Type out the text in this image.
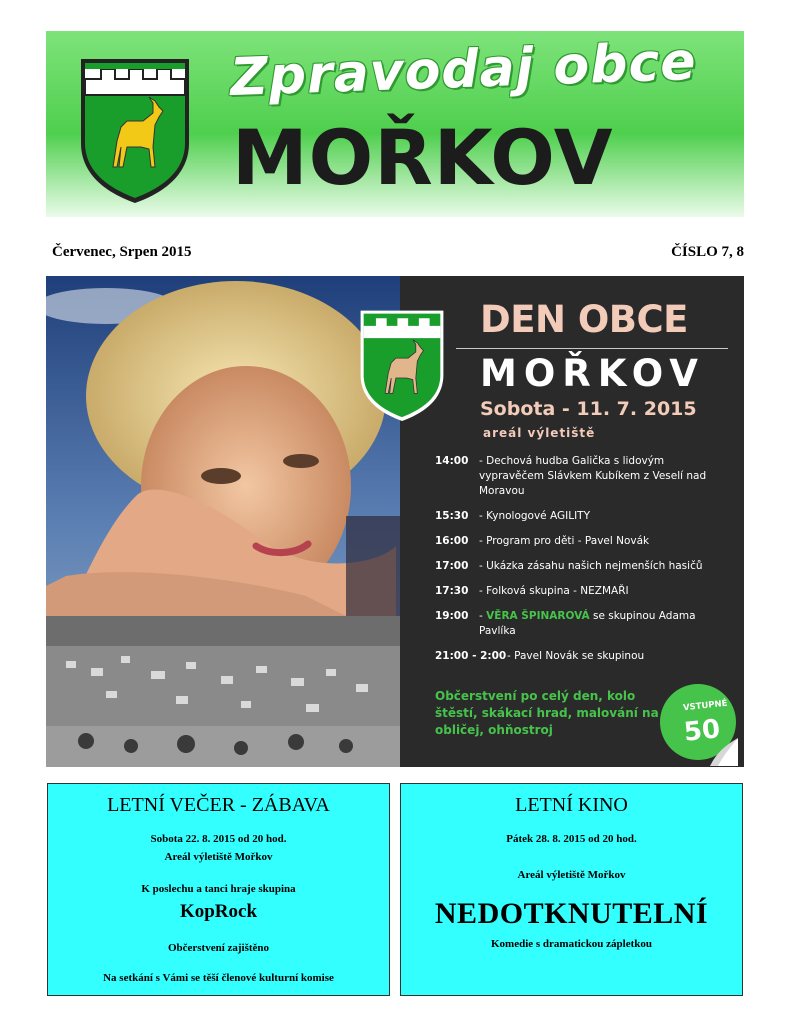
Zpravodaj obce
MOŘKOV
Červenec, Srpen 2015	ČÍSLO 7, 8
DEN OBCE
MOŘKOV
Sobota - 11. 7. 2015
areál výletiště
14:00 - Dechová hudba Galička s lidovým vypravěčem Slávkem Kubíkem z Veselí nad Moravou
15:30 - Kynologové AGILITY
16:00 - Program pro děti - Pavel Novák
17:00 - Ukázka zásahu našich nejmenších hasičů
17:30 - Folková skupina - NEZMAŘI
19:00 - VĚRA ŠPINAROVÁ se skupinou Adama Pavlíka
21:00 - 2:00 - Pavel Novák se skupinou
Občerstvení po celý den, kolo štěstí, skákací hrad, malování na obličej, ohňostroj
VSTUPNÉ
50
LETNÍ VEČER - ZÁBAVA
Sobota 22. 8. 2015 od 20 hod.
Areál výletiště Mořkov
K poslechu a tanci hraje skupina
KopRock
Občerstvení zajištěno
Na setkání s Vámi se těší členové kulturní komise
LETNÍ KINO
Pátek 28. 8. 2015 od 20 hod.
Areál výletiště Mořkov
NEDOTKNUTELNÍ
Komedie s dramatickou zápletkou
